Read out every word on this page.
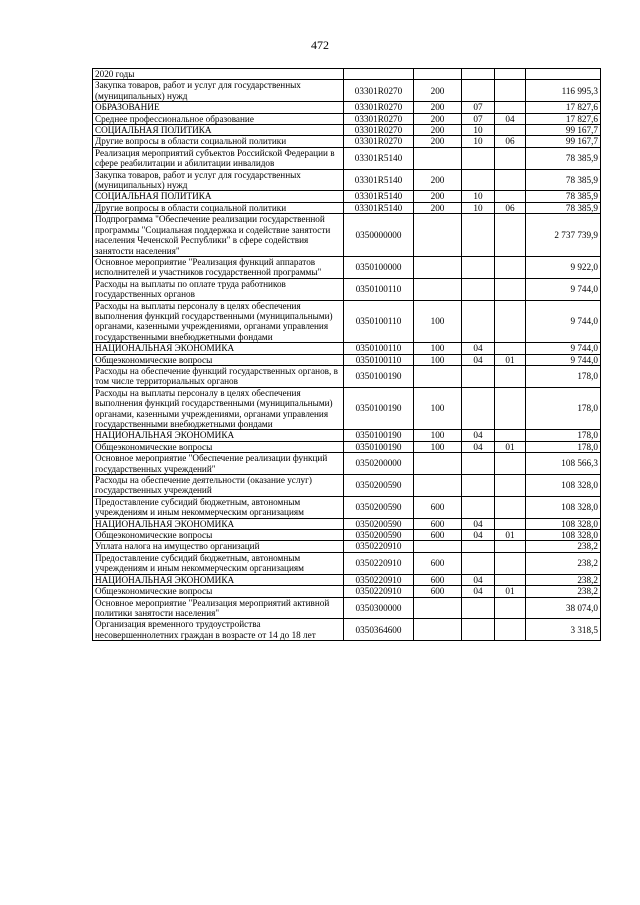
472
2020 годы					
Закупка товаров, работ и услуг для государственных (муниципальных) нужд	03301R0270	200			116 995,3
ОБРАЗОВАНИЕ	03301R0270	200	07		17 827,6
Среднее профессиональное образование	03301R0270	200	07	04	17 827,6
СОЦИАЛЬНАЯ ПОЛИТИКА	03301R0270	200	10		99 167,7
Другие вопросы в области социальной политики	03301R0270	200	10	06	99 167,7
Реализация мероприятий субъектов Российской Федерации в сфере реабилитации и абилитации инвалидов	03301R5140				78 385,9
Закупка товаров, работ и услуг для государственных (муниципальных) нужд	03301R5140	200			78 385,9
СОЦИАЛЬНАЯ ПОЛИТИКА	03301R5140	200	10		78 385,9
Другие вопросы в области социальной политики	03301R5140	200	10	06	78 385,9
Подпрограмма "Обеспечение реализации государственной программы "Социальная поддержка и содействие занятости населения Чеченской Республики" в сфере содействия занятости населения"	0350000000				2 737 739,9
Основное мероприятие "Реализация функций аппаратов исполнителей и участников государственной программы"	0350100000				9 922,0
Расходы на выплаты по оплате труда работников государственных органов	0350100110				9 744,0
Расходы на выплаты персоналу в целях обеспечения выполнения функций государственными (муниципальными) органами, казенными учреждениями, органами управления государственными внебюджетными фондами	0350100110	100			9 744,0
НАЦИОНАЛЬНАЯ ЭКОНОМИКА	0350100110	100	04		9 744,0
Общеэкономические вопросы	0350100110	100	04	01	9 744,0
Расходы на обеспечение функций государственных органов, в том числе территориальных органов	0350100190				178,0
Расходы на выплаты персоналу в целях обеспечения выполнения функций государственными (муниципальными) органами, казенными учреждениями, органами управления государственными внебюджетными фондами	0350100190	100			178,0
НАЦИОНАЛЬНАЯ ЭКОНОМИКА	0350100190	100	04		178,0
Общеэкономические вопросы	0350100190	100	04	01	178,0
Основное мероприятие "Обеспечение реализации функций государственных учреждений"	0350200000				108 566,3
Расходы на обеспечение деятельности (оказание услуг) государственных учреждений	0350200590				108 328,0
Предоставление субсидий бюджетным, автономным учреждениям и иным некоммерческим организациям	0350200590	600			108 328,0
НАЦИОНАЛЬНАЯ ЭКОНОМИКА	0350200590	600	04		108 328,0
Общеэкономические вопросы	0350200590	600	04	01	108 328,0
Уплата налога на имущество организаций	0350220910				238,2
Предоставление субсидий бюджетным, автономным учреждениям и иным некоммерческим организациям	0350220910	600			238,2
НАЦИОНАЛЬНАЯ ЭКОНОМИКА	0350220910	600	04		238,2
Общеэкономические вопросы	0350220910	600	04	01	238,2
Основное мероприятие "Реализация мероприятий активной политики занятости населения"	0350300000				38 074,0
Организация временного трудоустройства несовершеннолетних граждан в возрасте от 14 до 18 лет	0350364600				3 318,5
